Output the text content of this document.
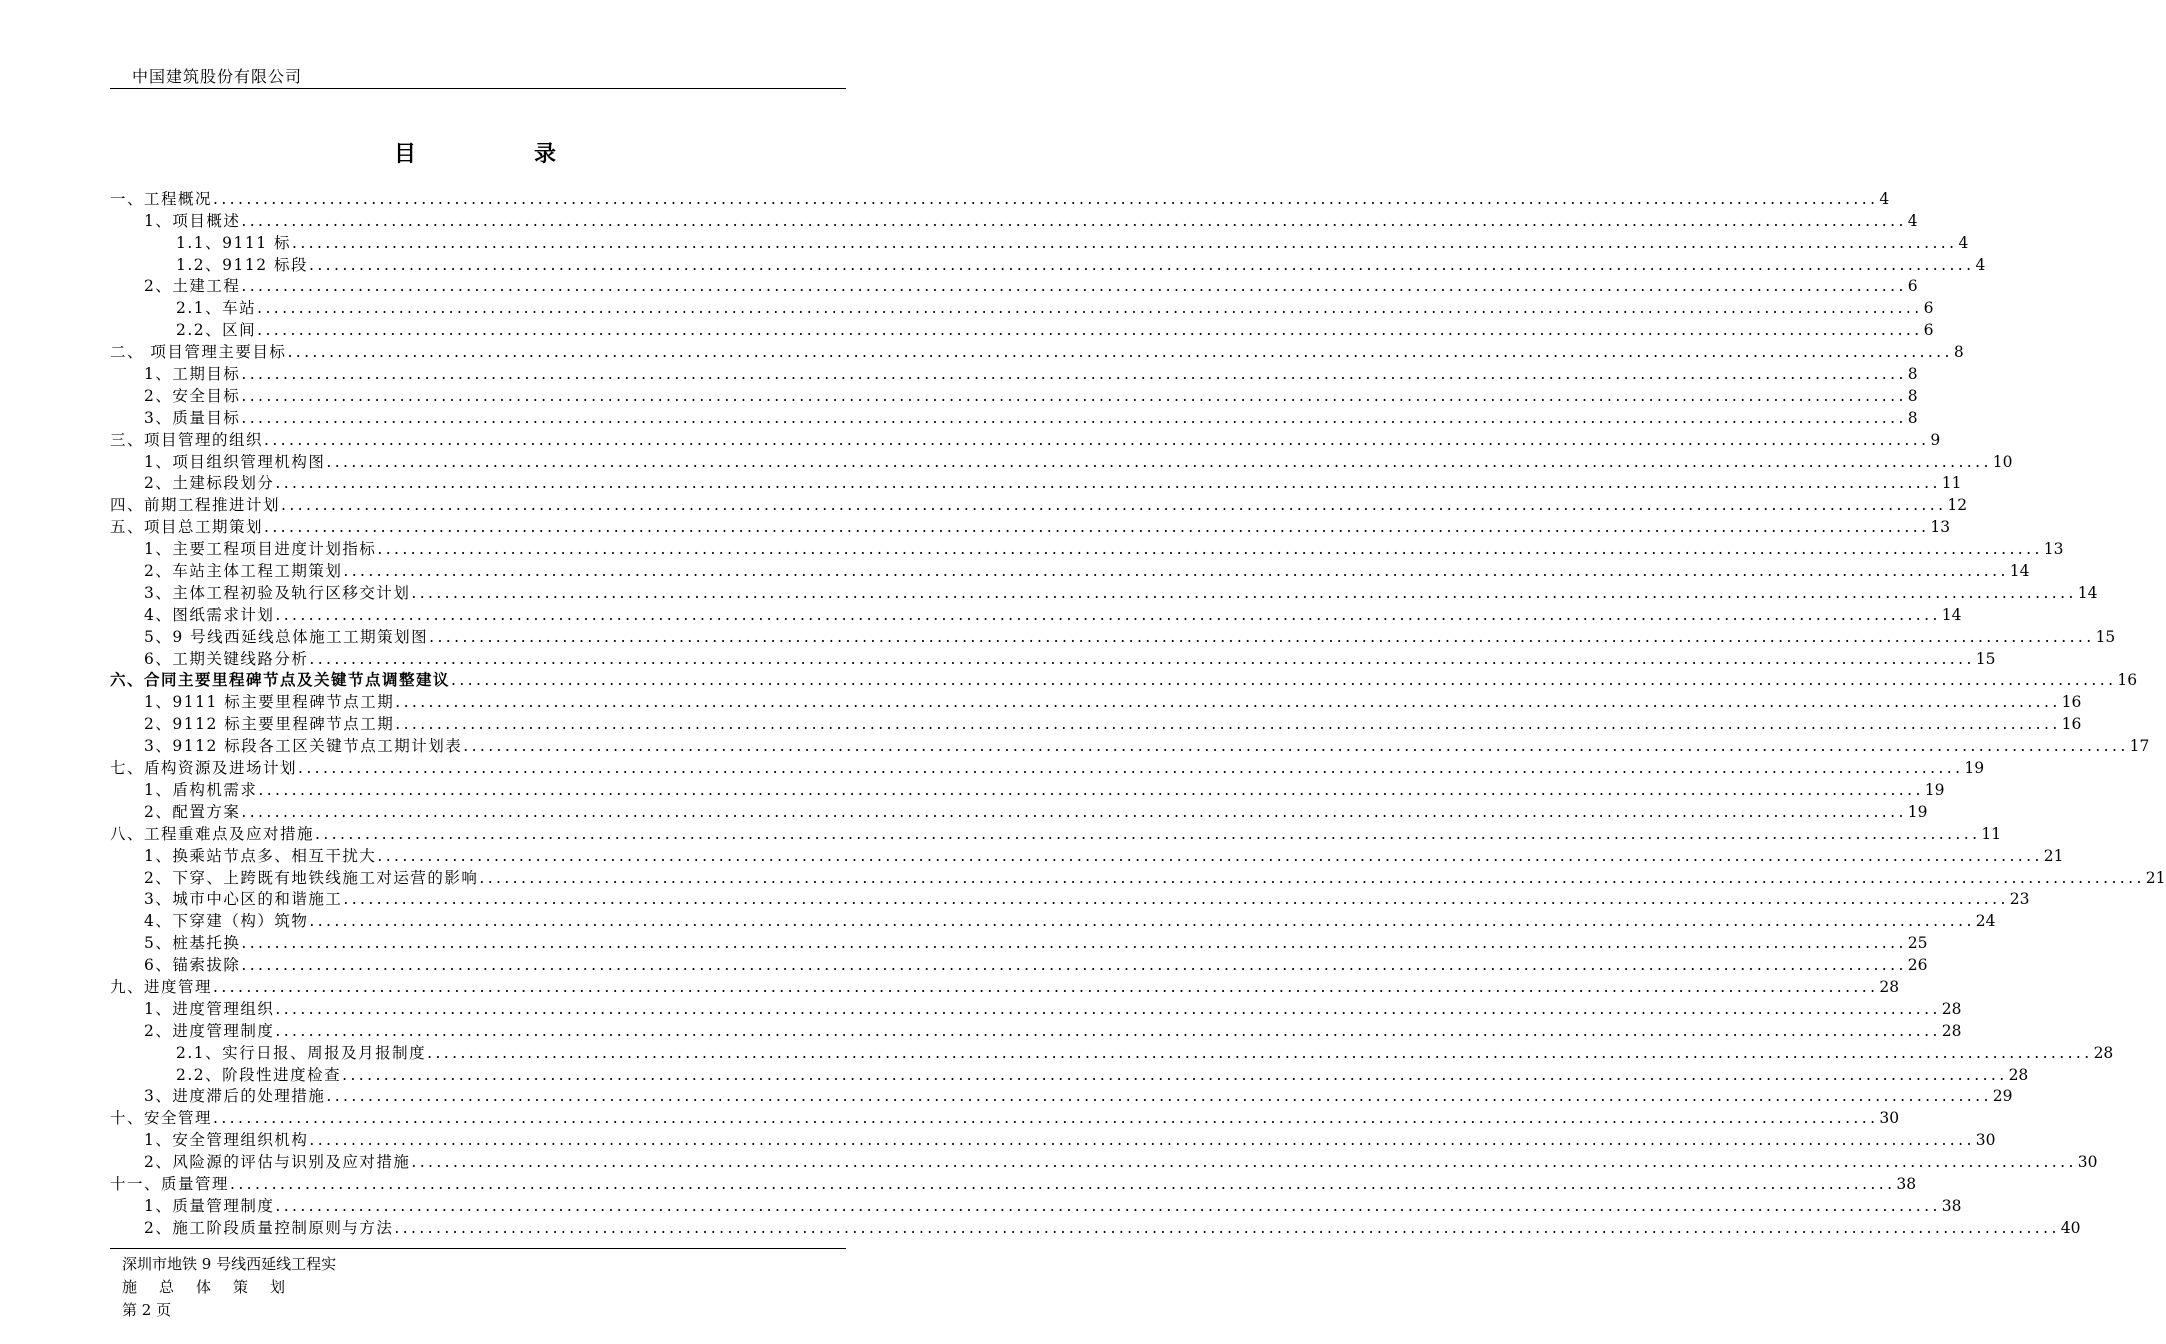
中国建筑股份有限公司
目	录
一、工程概况 ........................................................................................................................................................................................................ 4
1、项目概述 ........................................................................................................................................................................................................ 4
1.1、9111 标 ........................................................................................................................................................................................................ 4
1.2、9112 标段 ........................................................................................................................................................................................................ 4
2、土建工程 ........................................................................................................................................................................................................ 6
2.1、车站 ........................................................................................................................................................................................................ 6
2.2、区间 ........................................................................................................................................................................................................ 6
二、 项目管理主要目标 ........................................................................................................................................................................................................ 8
1、工期目标 ........................................................................................................................................................................................................ 8
2、安全目标 ........................................................................................................................................................................................................ 8
3、质量目标 ........................................................................................................................................................................................................ 8
三、项目管理的组织 ........................................................................................................................................................................................................ 9
1、项目组织管理机构图 ........................................................................................................................................................................................................ 10
2、土建标段划分 ........................................................................................................................................................................................................ 11
四、前期工程推进计划 ........................................................................................................................................................................................................ 12
五、项目总工期策划 ........................................................................................................................................................................................................ 13
1、主要工程项目进度计划指标 ........................................................................................................................................................................................................ 13
2、车站主体工程工期策划 ........................................................................................................................................................................................................ 14
3、主体工程初验及轨行区移交计划 ........................................................................................................................................................................................................ 14
4、图纸需求计划 ........................................................................................................................................................................................................ 14
5、9 号线西延线总体施工工期策划图 ........................................................................................................................................................................................................ 15
6、工期关键线路分析 ........................................................................................................................................................................................................ 15
六、合同主要里程碑节点及关键节点调整建议 ........................................................................................................................................................................................................ 16
1、9111 标主要里程碑节点工期 ........................................................................................................................................................................................................ 16
2、9112 标主要里程碑节点工期 ........................................................................................................................................................................................................ 16
3、9112 标段各工区关键节点工期计划表 ........................................................................................................................................................................................................ 17
七、盾构资源及进场计划 ........................................................................................................................................................................................................ 19
1、盾构机需求 ........................................................................................................................................................................................................ 19
2、配置方案 ........................................................................................................................................................................................................ 19
八、工程重难点及应对措施 ........................................................................................................................................................................................................ 11
1、换乘站节点多、相互干扰大 ........................................................................................................................................................................................................ 21
2、下穿、上跨既有地铁线施工对运营的影响 ........................................................................................................................................................................................................ 21
3、城市中心区的和谐施工 ........................................................................................................................................................................................................ 23
4、下穿建（构）筑物 ........................................................................................................................................................................................................ 24
5、桩基托换 ........................................................................................................................................................................................................ 25
6、锚索拔除 ........................................................................................................................................................................................................ 26
九、进度管理 ........................................................................................................................................................................................................ 28
1、进度管理组织 ........................................................................................................................................................................................................ 28
2、进度管理制度 ........................................................................................................................................................................................................ 28
2.1、实行日报、周报及月报制度 ........................................................................................................................................................................................................ 28
2.2、阶段性进度检查 ........................................................................................................................................................................................................ 28
3、进度滞后的处理措施 ........................................................................................................................................................................................................ 29
十、安全管理 ........................................................................................................................................................................................................ 30
1、安全管理组织机构 ........................................................................................................................................................................................................ 30
2、风险源的评估与识别及应对措施 ........................................................................................................................................................................................................ 30
十一、质量管理 ........................................................................................................................................................................................................ 38
1、质量管理制度 ........................................................................................................................................................................................................ 38
2、施工阶段质量控制原则与方法 ........................................................................................................................................................................................................ 40
深圳市地铁 9 号线西延线工程实
施总体策划
第 2 页
